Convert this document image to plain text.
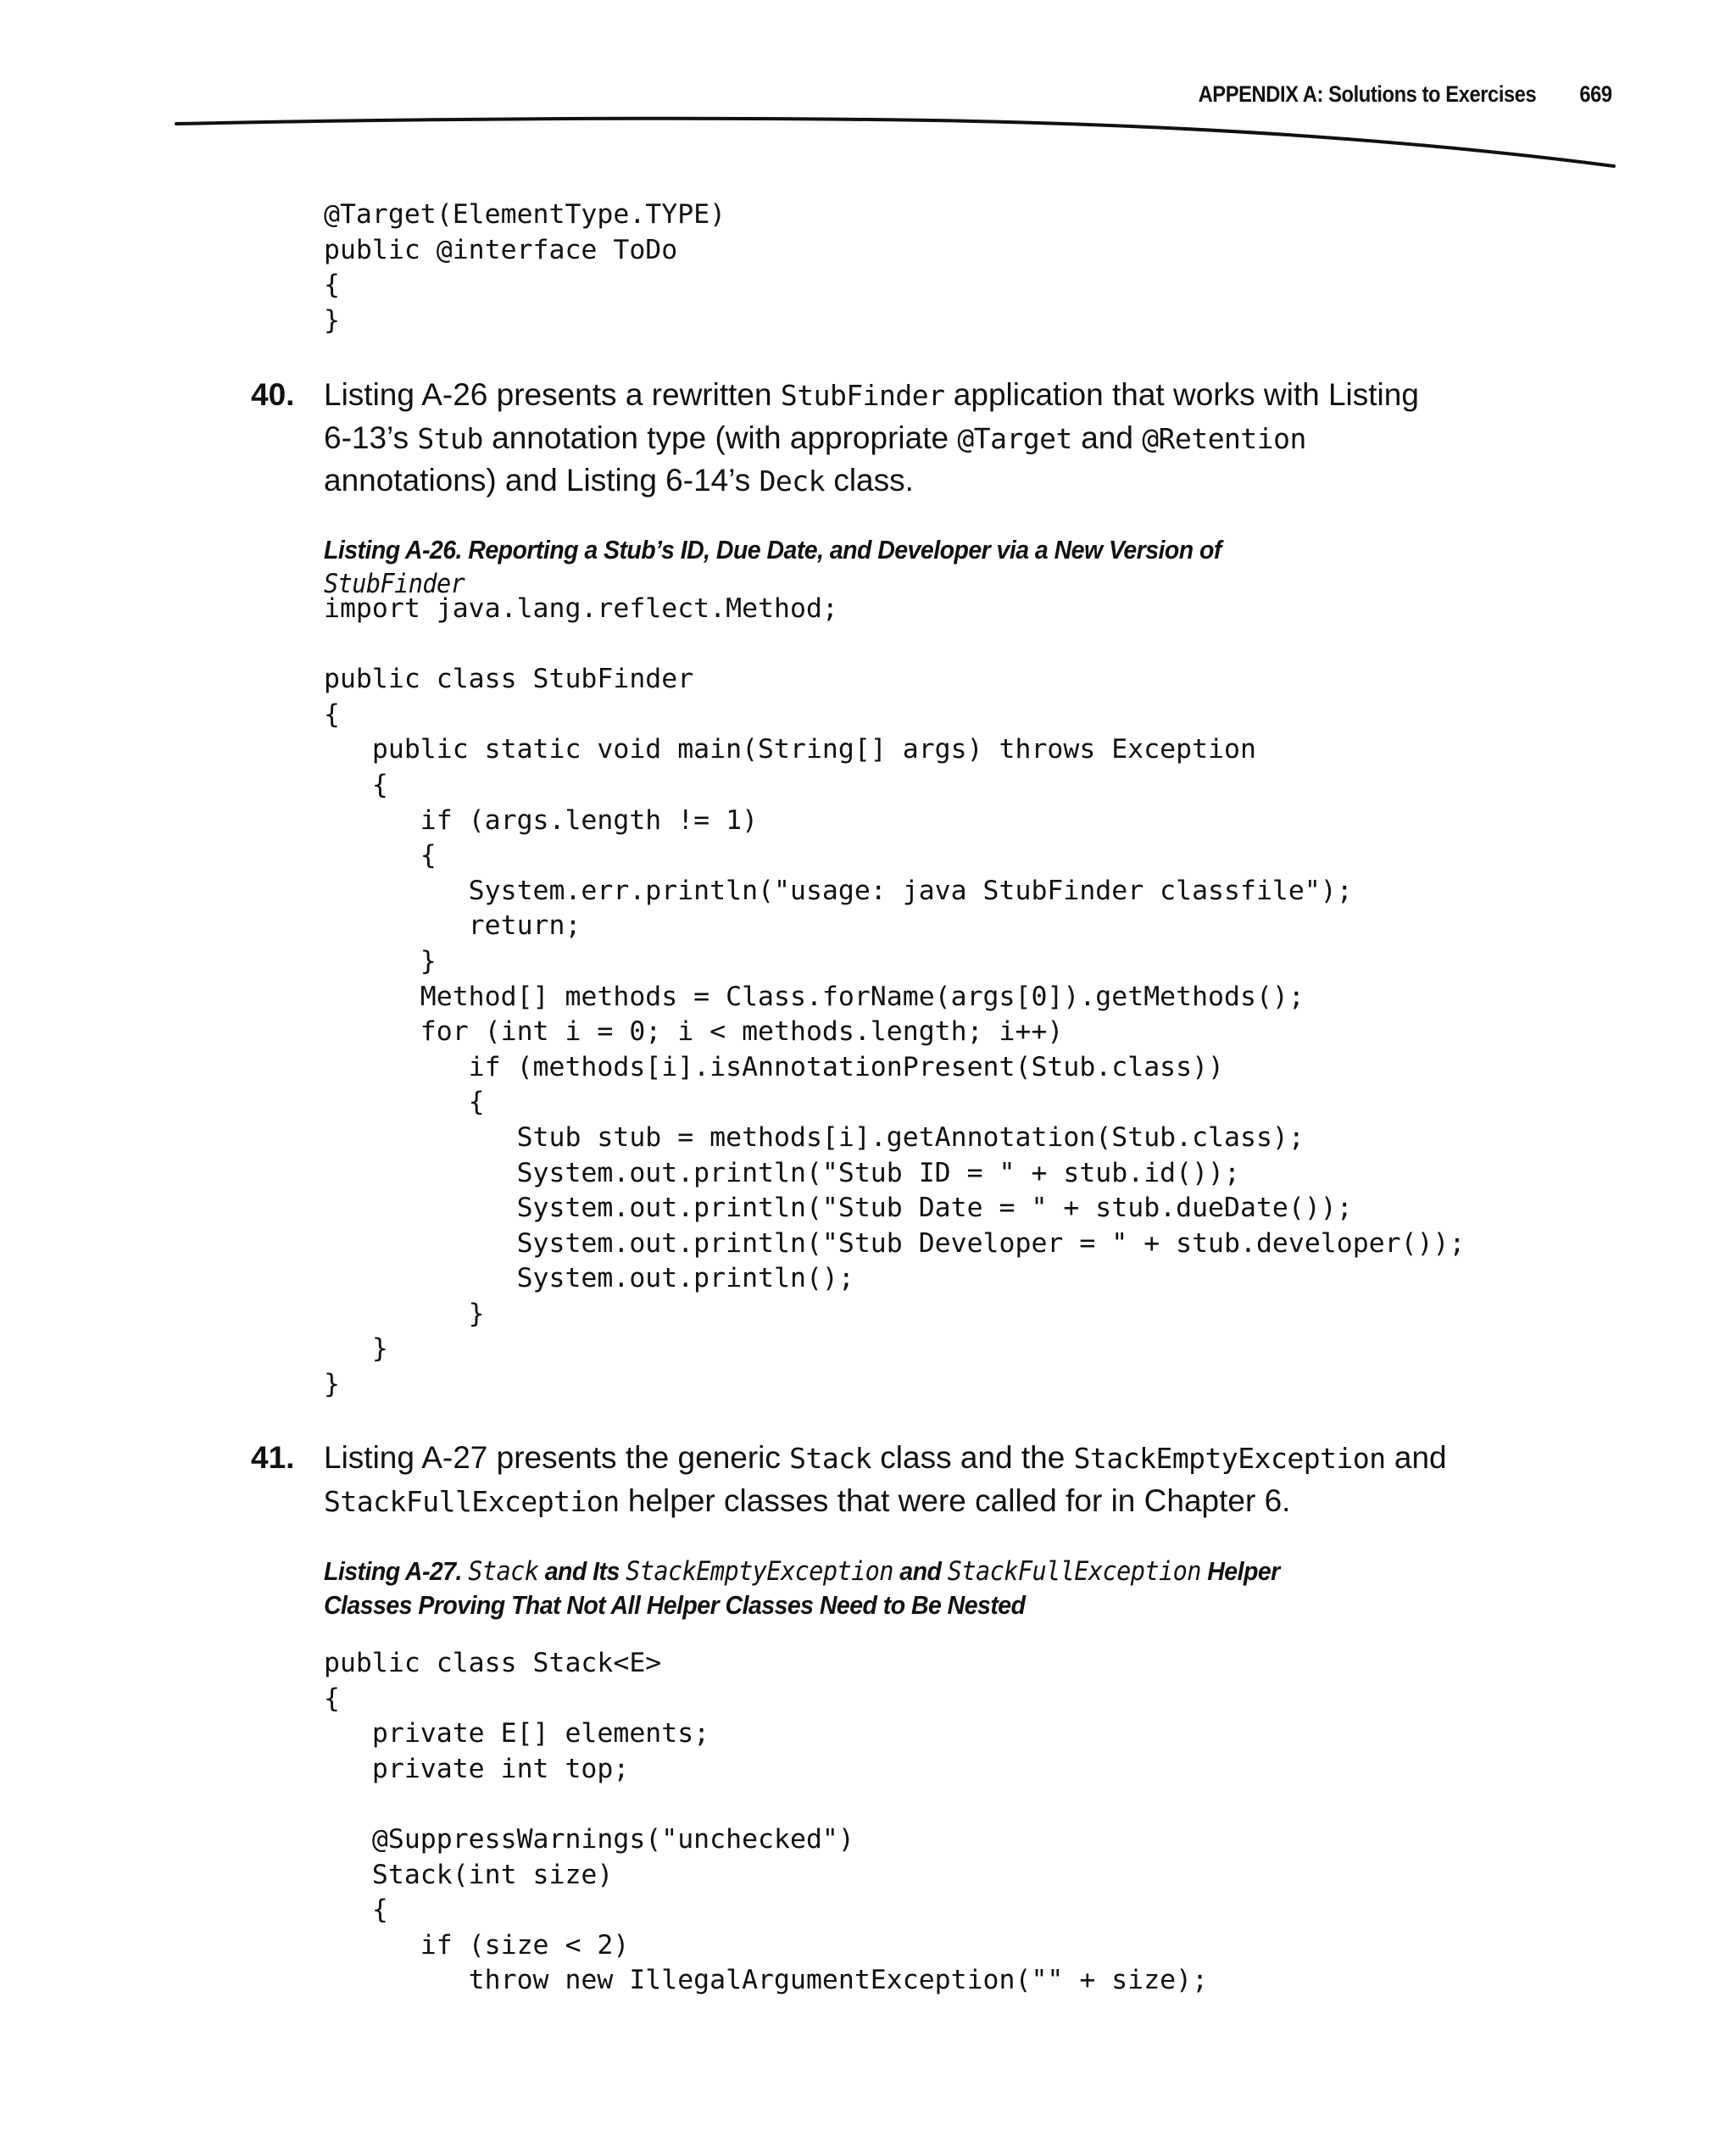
APPENDIX A: Solutions to Exercises 669
@Target(ElementType.TYPE)
public @interface ToDo
{
}
40. Listing A-26 presents a rewritten StubFinder application that works with Listing 6-13’s Stub annotation type (with appropriate @Target and @Retention annotations) and Listing 6-14’s Deck class.
Listing A-26. Reporting a Stub’s ID, Due Date, and Developer via a New Version of StubFinder
import java.lang.reflect.Method;

public class StubFinder
{
public static void main(String[] args) throws Exception
{
if (args.length != 1)
{
System.err.println("usage: java StubFinder classfile");
return;
}
Method[] methods = Class.forName(args[0]).getMethods();
for (int i = 0; i < methods.length; i++)
if (methods[i].isAnnotationPresent(Stub.class))
{
Stub stub = methods[i].getAnnotation(Stub.class);
System.out.println("Stub ID = " + stub.id());
System.out.println("Stub Date = " + stub.dueDate());
System.out.println("Stub Developer = " + stub.developer());
System.out.println();
}
}
}
41. Listing A-27 presents the generic Stack class and the StackEmptyException and StackFullException helper classes that were called for in Chapter 6.
Listing A-27. Stack and Its StackEmptyException and StackFullException Helper Classes Proving That Not All Helper Classes Need to Be Nested
public class Stack<E>
{
private E[] elements;
private int top;

@SuppressWarnings("unchecked")
Stack(int size)
{
if (size < 2)
throw new IllegalArgumentException("" + size);
